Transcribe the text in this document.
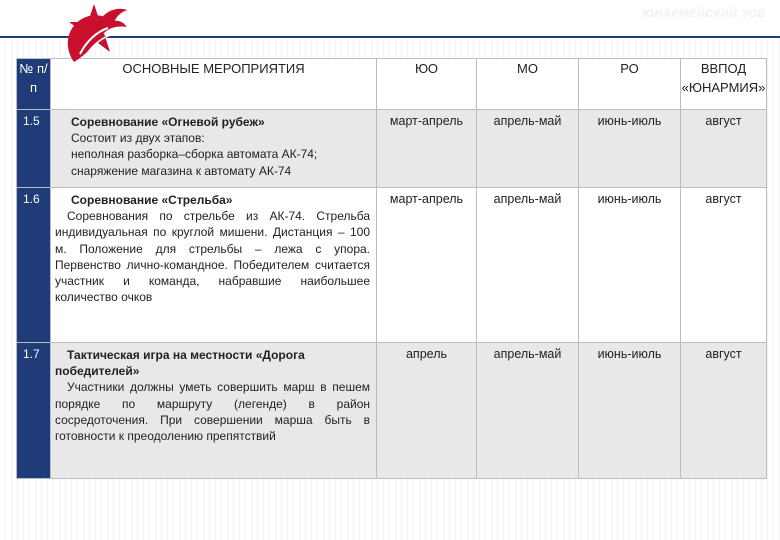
ЮНАРМЕЙСКИЙ ЗОВ
№ п/п	ОСНОВНЫЕ МЕРОПРИЯТИЯ	ЮО	МО	РО	ВВПОД «ЮНАРМИЯ»
1.5	Соревнование «Огневой рубеж»
Состоит из двух этапов:
неполная разборка–сборка автомата АК-74;
снаряжение магазина к автомату АК-74	март-апрель	апрель-май	июнь-июль	август
1.6	Соревнование «Стрельба»
Соревнования по стрельбе из АК-74. Стрельба индивидуальная по круглой мишени. Дистанция – 100 м. Положение для стрельбы – лежа с упора. Первенство лично-командное. Победителем считается участник и команда, набравшие наибольшее количество очков	март-апрель	апрель-май	июнь-июль	август
1.7	Тактическая игра на местности «Дорога победителей»
Участники должны уметь совершить марш в пешем порядке по маршруту (легенде) в район сосредоточения. При совершении марша быть в готовности к преодолению препятствий	апрель	апрель-май	июнь-июль	август
